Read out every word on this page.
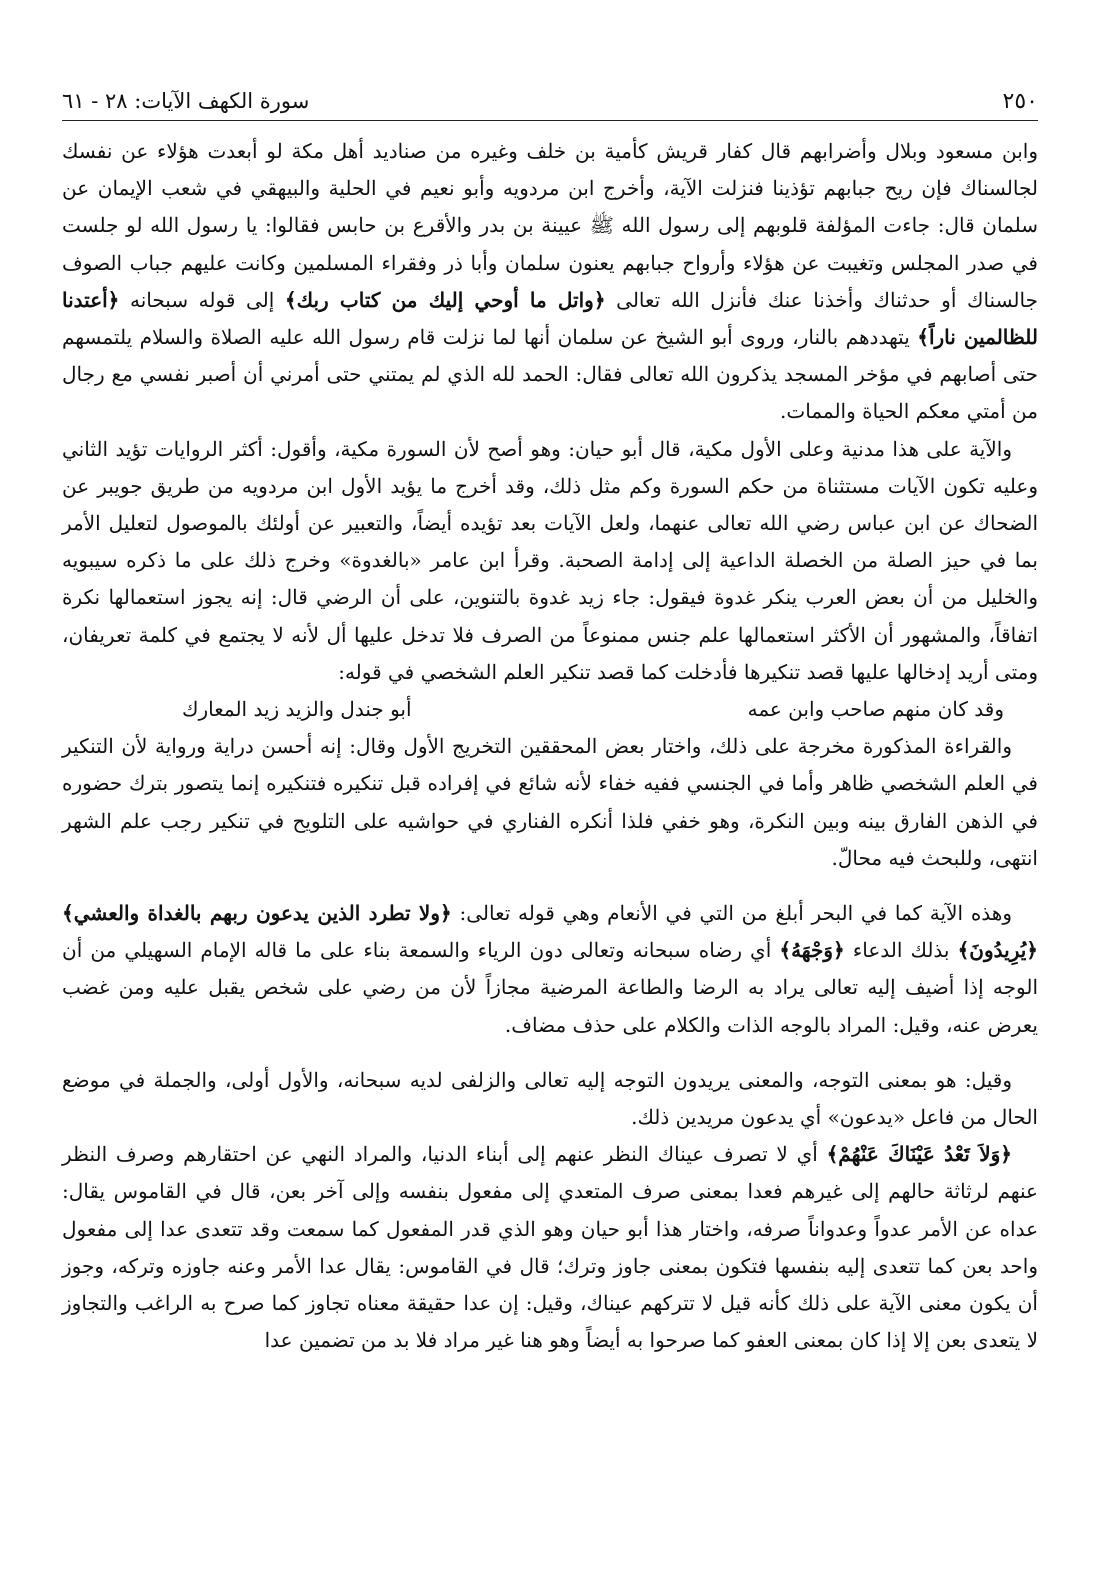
٢٥٠
سورة الكهف الآيات: ٢٨ - ٦١

وابن مسعود وبلال وأضرابهم قال كفار قريش كأمية بن خلف وغيره من صناديد أهل مكة لو أبعدت هؤلاء عن نفسك لجالسناك فإن ريح جبابهم تؤذينا فنزلت الآية، وأخرج ابن مردويه وأبو نعيم في الحلية والبيهقي في شعب الإيمان عن سلمان قال: جاءت المؤلفة قلوبهم إلى رسول الله ﷺ عيينة بن بدر والأقرع بن حابس فقالوا: يا رسول الله لو جلست في صدر المجلس وتغيبت عن هؤلاء وأرواح جبابهم يعنون سلمان وأبا ذر وفقراء المسلمين وكانت عليهم جباب الصوف جالسناك أو حدثناك وأخذنا عنك فأنزل الله تعالى ﴿واتل ما أوحي إليك من كتاب ربك﴾ إلى قوله سبحانه ﴿أعتدنا للظالمين ناراً﴾ يتهددهم بالنار، وروى أبو الشيخ عن سلمان أنها لما نزلت قام رسول الله عليه الصلاة والسلام يلتمسهم حتى أصابهم في مؤخر المسجد يذكرون الله تعالى فقال: الحمد لله الذي لم يمتني حتى أمرني أن أصبر نفسي مع رجال من أمتي معكم الحياة والممات.

والآية على هذا مدنية وعلى الأول مكية، قال أبو حيان: وهو أصح لأن السورة مكية، وأقول: أكثر الروايات تؤيد الثاني وعليه تكون الآيات مستثناة من حكم السورة وكم مثل ذلك، وقد أخرج ما يؤيد الأول ابن مردويه من طريق جويبر عن الضحاك عن ابن عباس رضي الله تعالى عنهما، ولعل الآيات بعد تؤيده أيضاً، والتعبير عن أولئك بالموصول لتعليل الأمر بما في حيز الصلة من الخصلة الداعية إلى إدامة الصحبة. وقرأ ابن عامر «بالغدوة» وخرج ذلك على ما ذكره سيبويه والخليل من أن بعض العرب ينكر غدوة فيقول: جاء زيد غدوة بالتنوين، على أن الرضي قال: إنه يجوز استعمالها نكرة اتفاقاً، والمشهور أن الأكثر استعمالها علم جنس ممنوعاً من الصرف فلا تدخل عليها أل لأنه لا يجتمع في كلمة تعريفان، ومتى أريد إدخالها عليها قصد تنكيرها فأدخلت كما قصد تنكير العلم الشخصي في قوله:

وقد كان منهم صاحب وابن عمه
أبو جندل والزيد زيد المعارك

والقراءة المذكورة مخرجة على ذلك، واختار بعض المحققين التخريج الأول وقال: إنه أحسن دراية ورواية لأن التنكير في العلم الشخصي ظاهر وأما في الجنسي ففيه خفاء لأنه شائع في إفراده قبل تنكيره فتنكيره إنما يتصور بترك حضوره في الذهن الفارق بينه وبين النكرة، وهو خفي فلذا أنكره الفناري في حواشيه على التلويح في تنكير رجب علم الشهر انتهى، وللبحث فيه محالّ.

وهذه الآية كما في البحر أبلغ من التي في الأنعام وهي قوله تعالى: ﴿ولا تطرد الذين يدعون ربهم بالغداة والعشي﴾ ﴿يُرِيدُونَ﴾ بذلك الدعاء ﴿وَجْهَهُ﴾ أي رضاه سبحانه وتعالى دون الرياء والسمعة بناء على ما قاله الإمام السهيلي من أن الوجه إذا أضيف إليه تعالى يراد به الرضا والطاعة المرضية مجازاً لأن من رضي على شخص يقبل عليه ومن غضب يعرض عنه، وقيل: المراد بالوجه الذات والكلام على حذف مضاف.

وقيل: هو بمعنى التوجه، والمعنى يريدون التوجه إليه تعالى والزلفى لديه سبحانه، والأول أولى، والجملة في موضع الحال من فاعل «يدعون» أي يدعون مريدين ذلك.

﴿وَلاَ تَعْدُ عَيْنَاكَ عَنْهُمْ﴾ أي لا تصرف عيناك النظر عنهم إلى أبناء الدنيا، والمراد النهي عن احتقارهم وصرف النظر عنهم لرثاثة حالهم إلى غيرهم فعدا بمعنى صرف المتعدي إلى مفعول بنفسه وإلى آخر بعن، قال في القاموس يقال: عداه عن الأمر عدواً وعدواناً صرفه، واختار هذا أبو حيان وهو الذي قدر المفعول كما سمعت وقد تتعدى عدا إلى مفعول واحد بعن كما تتعدى إليه بنفسها فتكون بمعنى جاوز وترك؛ قال في القاموس: يقال عدا الأمر وعنه جاوزه وتركه، وجوز أن يكون معنى الآية على ذلك كأنه قيل لا تتركهم عيناك، وقيل: إن عدا حقيقة معناه تجاوز كما صرح به الراغب والتجاوز لا يتعدى بعن إلا إذا كان بمعنى العفو كما صرحوا به أيضاً وهو هنا غير مراد فلا بد من تضمين عدا
